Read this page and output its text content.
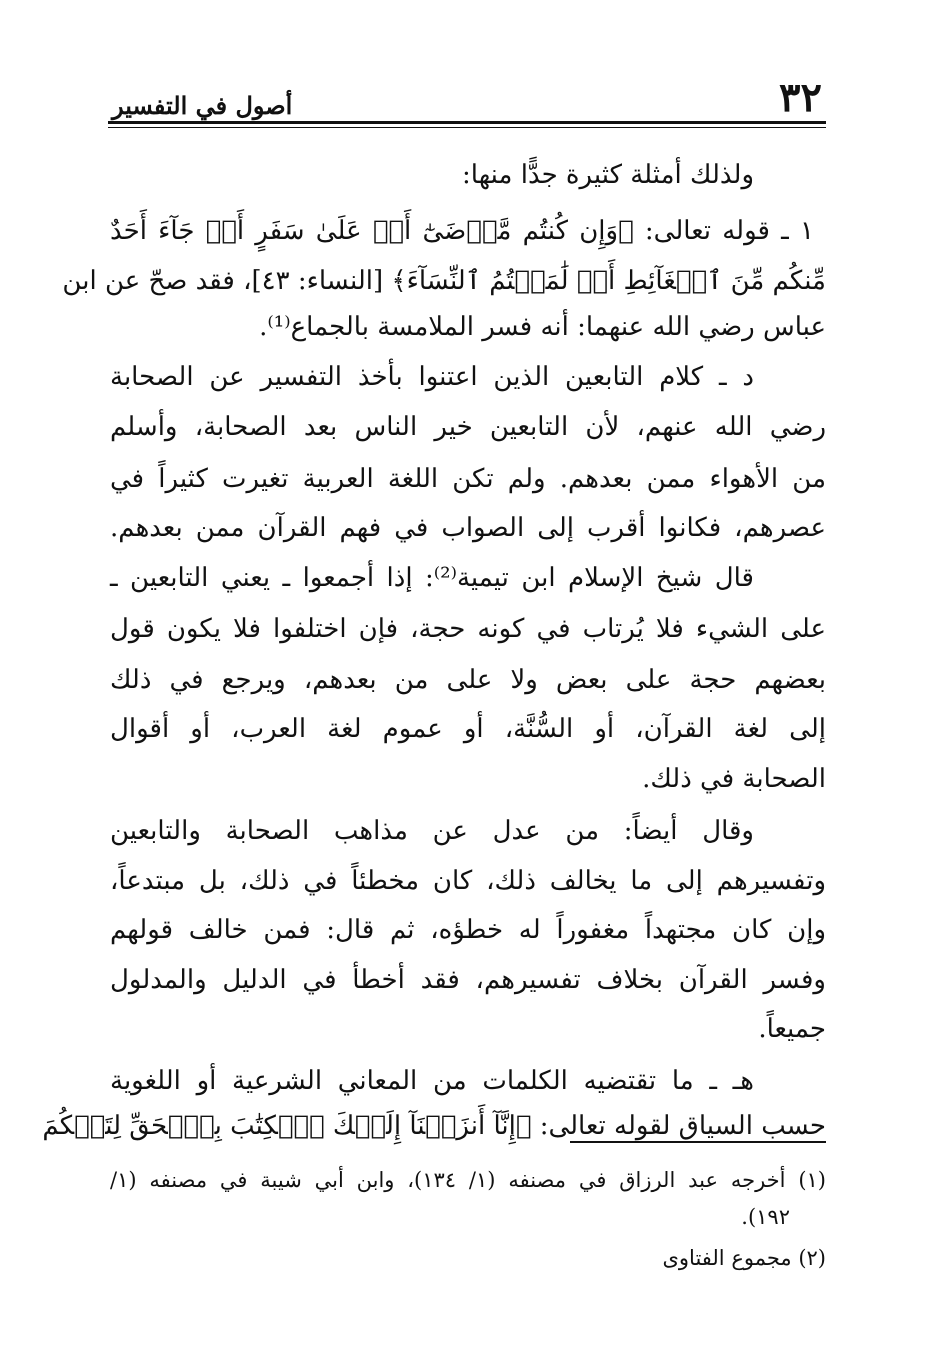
٣٢
أصول في التفسير
ولذلك أمثلة كثيرة جدًّا منها:
١ ـ قوله تعالى: ﴿وَإِن كُنتُم مَّرۡضَىٰٓ أَوۡ عَلَىٰ سَفَرٍ أَوۡ جَآءَ أَحَدٌ
مِّنكُم مِّنَ ٱلۡغَآئِطِ أَوۡ لَٰمَسۡتُمُ ٱلنِّسَآءَ﴾ [النساء: ٤٣]، فقد صحّ عن ابن
عباس رضي الله عنهما: أنه فسر الملامسة بالجماع⁽¹⁾.
د ـ كلام التابعين الذين اعتنوا بأخذ التفسير عن الصحابة
رضي الله عنهم، لأن التابعين خير الناس بعد الصحابة، وأسلم
من الأهواء ممن بعدهم. ولم تكن اللغة العربية تغيرت كثيراً في
عصرهم، فكانوا أقرب إلى الصواب في فهم القرآن ممن بعدهم.
قال شيخ الإسلام ابن تيمية⁽²⁾: إذا أجمعوا ـ يعني التابعين ـ
على الشيء فلا يُرتاب في كونه حجة، فإن اختلفوا فلا يكون قول
بعضهم حجة على بعض ولا على من بعدهم، ويرجع في ذلك
إلى لغة القرآن، أو السُّنَّة، أو عموم لغة العرب، أو أقوال
الصحابة في ذلك.
وقال أيضاً: من عدل عن مذاهب الصحابة والتابعين
وتفسيرهم إلى ما يخالف ذلك، كان مخطئاً في ذلك، بل مبتدعاً،
وإن كان مجتهداً مغفوراً له خطؤه، ثم قال: فمن خالف قولهم
وفسر القرآن بخلاف تفسيرهم، فقد أخطأ في الدليل والمدلول
جميعاً.
هـ ـ ما تقتضيه الكلمات من المعاني الشرعية أو اللغوية
حسب السياق لقوله تعالى: ﴿إِنَّآ أَنزَلۡنَآ إِلَيۡكَ ٱلۡكِتَٰبَ بِٱلۡحَقِّ لِتَحۡكُمَ
(١) أخرجه عبد الرزاق في مصنفه (١/ ١٣٤)، وابن أبي شيبة في مصنفه (١/
١٩٢).
(٢) مجموع الفتاوى
